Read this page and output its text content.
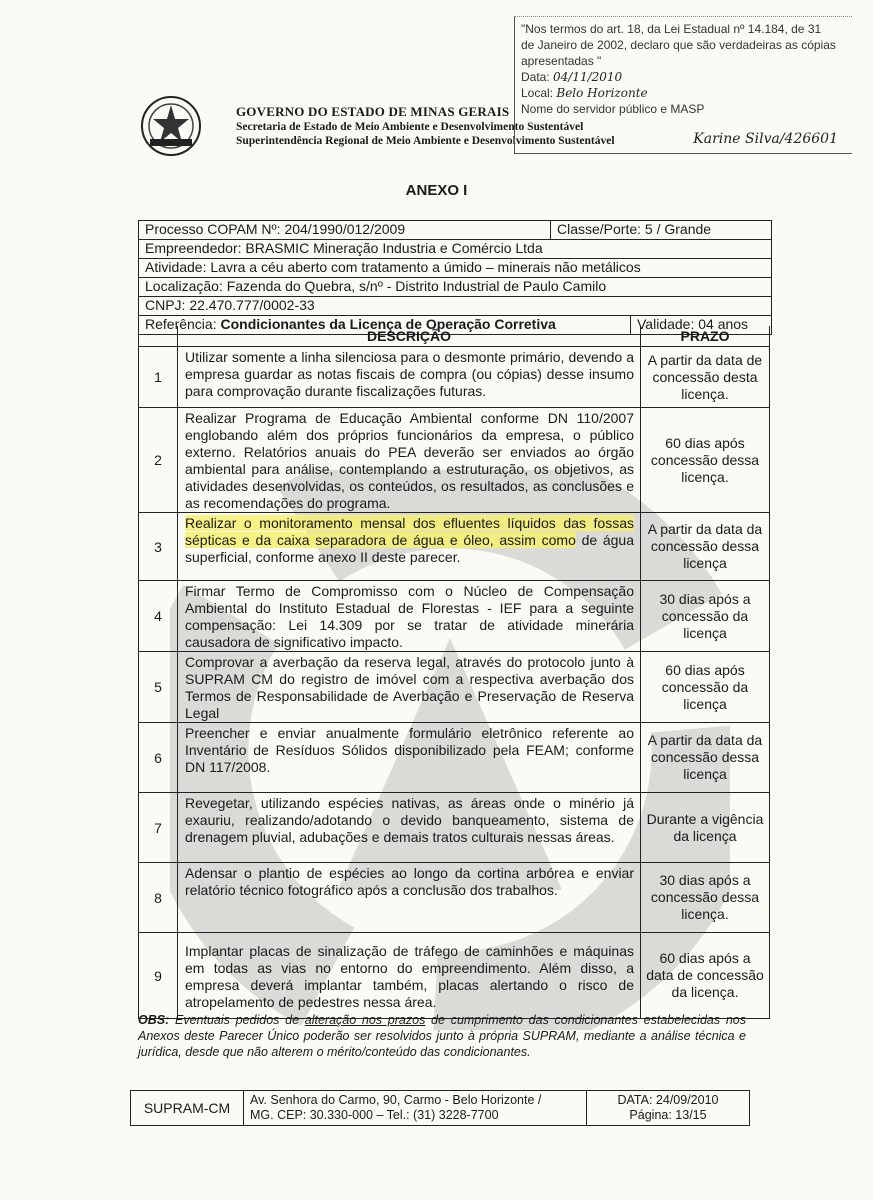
GOVERNO DO ESTADO DE MINAS GERAIS
Secretaria de Estado de Meio Ambiente e Desenvolvimento Sustentável
Superintendência Regional de Meio Ambiente e Desenvolvimento Sustentável
"Nos termos do art. 18, da Lei Estadual nº 14.184, de 31
de Janeiro de 2002, declaro que são verdadeiras as cópias
apresentadas "
Data: 04/11/2010
Local: Belo Horizonte
Nome do servidor público e MASP
Karine Silva/426601
ANEXO I
Processo COPAM Nº: 204/1990/012/2009	Classe/Porte: 5 / Grande
Empreendedor: BRASMIC Mineração Industria e Comércio Ltda
Atividade: Lavra a céu aberto com tratamento a úmido – minerais não metálicos
Localização: Fazenda do Quebra, s/nº - Distrito Industrial de Paulo Camilo
CNPJ: 22.470.777/0002-33
Referência: Condicionantes da Licença de Operação Corretiva	Validade: 04 anos
	DESCRIÇÃO	PRAZO
1	Utilizar somente a linha silenciosa para o desmonte primário, devendo a empresa guardar as notas fiscais de compra (ou cópias) desse insumo para comprovação durante fiscalizações futuras.	A partir da data de concessão desta licença.
2	Realizar Programa de Educação Ambiental conforme DN 110/2007 englobando além dos próprios funcionários da empresa, o público externo. Relatórios anuais do PEA deverão ser enviados ao órgão ambiental para análise, contemplando a estruturação, os objetivos, as atividades desenvolvidas, os conteúdos, os resultados, as conclusões e as recomendações do programa.	60 dias após concessão dessa licença.
3	Realizar o monitoramento mensal dos efluentes líquidos das fossas sépticas e da caixa separadora de água e óleo, assim como de água superficial, conforme anexo II deste parecer.	A partir da data da concessão dessa licença
4	Firmar Termo de Compromisso com o Núcleo de Compensação Ambiental do Instituto Estadual de Florestas - IEF para a seguinte compensação: Lei 14.309 por se tratar de atividade minerária causadora de significativo impacto.	30 dias após a concessão da licença
5	Comprovar a averbação da reserva legal, através do protocolo junto à SUPRAM CM do registro de imóvel com a respectiva averbação dos Termos de Responsabilidade de Averbação e Preservação de Reserva Legal	60 dias após concessão da licença
6	Preencher e enviar anualmente formulário eletrônico referente ao Inventário de Resíduos Sólidos disponibilizado pela FEAM; conforme DN 117/2008.	A partir da data da concessão dessa licença
7	Revegetar, utilizando espécies nativas, as áreas onde o minério já exauriu, realizando/adotando o devido banqueamento, sistema de drenagem pluvial, adubações e demais tratos culturais nessas áreas.	Durante a vigência da licença
8	Adensar o plantio de espécies ao longo da cortina arbórea e enviar relatório técnico fotográfico após a conclusão dos trabalhos.	30 dias após a concessão dessa licença.
9	Implantar placas de sinalização de tráfego de caminhões e máquinas em todas as vias no entorno do empreendimento. Além disso, a empresa deverá implantar também, placas alertando o risco de atropelamento de pedestres nessa área.	60 dias após a data de concessão da licença.
OBS: Eventuais pedidos de alteração nos prazos de cumprimento das condicionantes estabelecidas nos Anexos deste Parecer Único poderão ser resolvidos junto à própria SUPRAM, mediante a análise técnica e jurídica, desde que não alterem o mérito/conteúdo das condicionantes.
SUPRAM-CM	Av. Senhora do Carmo, 90, Carmo - Belo Horizonte /
MG. CEP: 30.330-000 – Tel.: (31) 3228-7700
DATA: 24/09/2010
Página: 13/15
